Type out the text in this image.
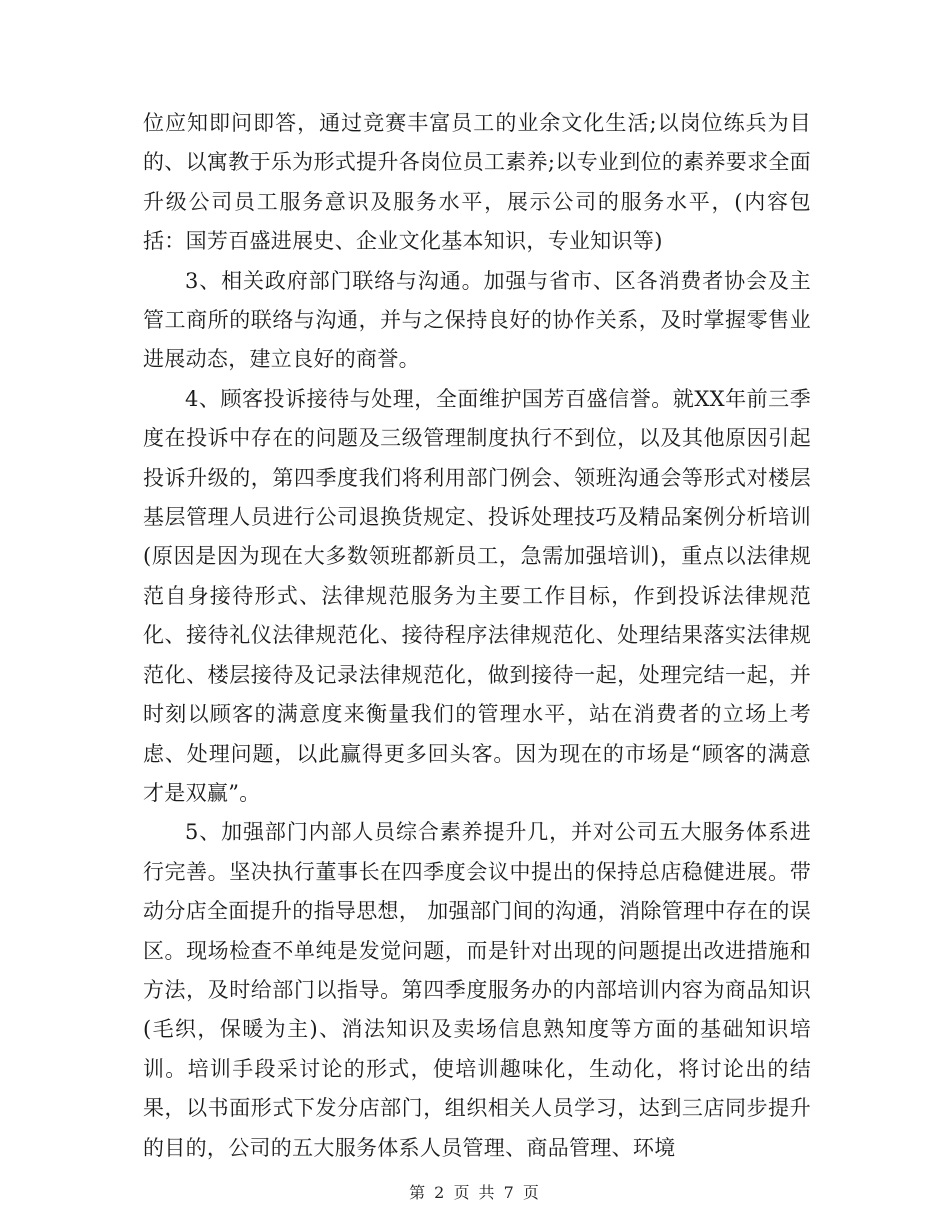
位应知即问即答，通过竞赛丰富员工的业余文化生活;以岗位练兵为目的、以寓教于乐为形式提升各岗位员工素养;以专业到位的素养要求全面升级公司员工服务意识及服务水平，展示公司的服务水平，(内容包括：国芳百盛进展史、企业文化基本知识，专业知识等)

3、相关政府部门联络与沟通。加强与省市、区各消费者协会及主管工商所的联络与沟通，并与之保持良好的协作关系，及时掌握零售业进展动态，建立良好的商誉。

4、顾客投诉接待与处理，全面维护国芳百盛信誉。就XX年前三季度在投诉中存在的问题及三级管理制度执行不到位，以及其他原因引起投诉升级的，第四季度我们将利用部门例会、领班沟通会等形式对楼层基层管理人员进行公司退换货规定、投诉处理技巧及精品案例分析培训(原因是因为现在大多数领班都新员工，急需加强培训)，重点以法律规范自身接待形式、法律规范服务为主要工作目标，作到投诉法律规范化、接待礼仪法律规范化、接待程序法律规范化、处理结果落实法律规范化、楼层接待及记录法律规范化，做到接待一起，处理完结一起，并时刻以顾客的满意度来衡量我们的管理水平，站在消费者的立场上考虑、处理问题，以此赢得更多回头客。因为现在的市场是“顾客的满意才是双赢”。

5、加强部门内部人员综合素养提升几，并对公司五大服务体系进行完善。坚决执行董事长在四季度会议中提出的保持总店稳健进展。带动分店全面提升的指导思想， 加强部门间的沟通，消除管理中存在的误区。现场检查不单纯是发觉问题，而是针对出现的问题提出改进措施和方法，及时给部门以指导。第四季度服务办的内部培训内容为商品知识(毛织，保暖为主)、消法知识及卖场信息熟知度等方面的基础知识培训。培训手段采讨论的形式，使培训趣味化，生动化，将讨论出的结果，以书面形式下发分店部门，组织相关人员学习，达到三店同步提升的目的，公司的五大服务体系人员管理、商品管理、环境

第 2 页 共 7 页
